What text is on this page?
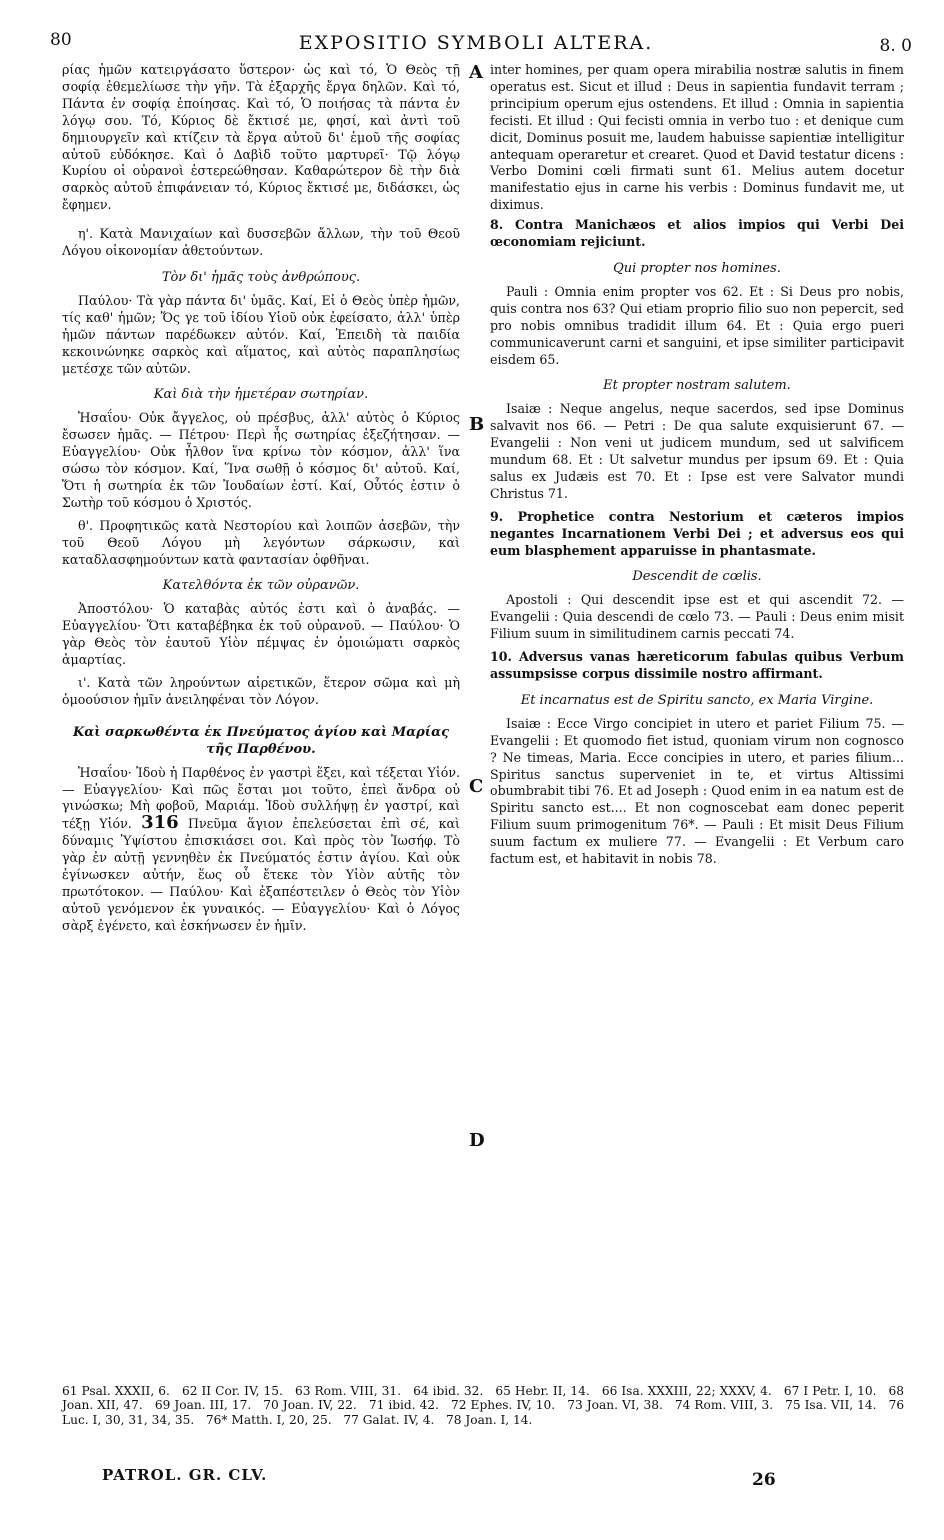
80	EXPOSITIO SYMBOLI ALTERA.	8. 0

ρίας ἡμῶν κατειργάσατο ὕστερον· ὡς καὶ τό, Ὁ Θεὸς τῇ σοφίᾳ ἐθεμελίωσε τὴν γῆν. Τὰ ἐξαρχῆς ἔργα δηλῶν. Καὶ τό, Πάντα ἐν σοφίᾳ ἐποίησας. Καὶ τό, Ὁ ποιήσας τὰ πάντα ἐν λόγῳ σου. Τό, Κύριος δὲ ἔκτισέ με, φησί, καὶ ἀντὶ τοῦ δημιουργεῖν καὶ κτίζειν τὰ ἔργα αὐτοῦ δι' ἐμοῦ τῆς σοφίας αὐτοῦ εὐδόκησε. Καὶ ὁ Δαβὶδ τοῦτο μαρτυρεῖ· Τῷ λόγῳ Κυρίου οἱ οὐρανοὶ ἐστερεώθησαν. Καθαρώτερον δὲ τὴν διὰ σαρκὸς αὐτοῦ ἐπιφάνειαν τό, Κύριος ἔκτισέ με, διδάσκει, ὡς ἔφημεν.

η'. Κατὰ Μανιχαίων καὶ δυσσεβῶν ἄλλων, τὴν τοῦ Θεοῦ Λόγου οἰκονομίαν ἀθετούντων.

Τὸν δι' ἡμᾶς τοὺς ἀνθρώπους.

Παύλου· Τὰ γὰρ πάντα δι' ὑμᾶς. Καί, Εἰ ὁ Θεὸς ὑπὲρ ἡμῶν, τίς καθ' ἡμῶν; Ὅς γε τοῦ ἰδίου Υἱοῦ οὐκ ἐφείσατο, ἀλλ' ὑπὲρ ἡμῶν πάντων παρέδωκεν αὐτόν. Καί, Ἐπειδὴ τὰ παιδία κεκοινώνηκε σαρκὸς καὶ αἵματος, καὶ αὐτὸς παραπλησίως μετέσχε τῶν αὐτῶν.

Καὶ διὰ τὴν ἡμετέραν σωτηρίαν.

Ἡσαΐου· Οὐκ ἄγγελος, οὐ πρέσβυς, ἀλλ' αὐτὸς ὁ Κύριος ἔσωσεν ἡμᾶς. — Πέτρου· Περὶ ἧς σωτηρίας ἐξεζήτησαν. — Εὐαγγελίου· Οὐκ ἦλθον ἵνα κρίνω τὸν κόσμον, ἀλλ' ἵνα σώσω τὸν κόσμον. Καί, Ἵνα σωθῇ ὁ κόσμος δι' αὐτοῦ. Καί, Ὅτι ἡ σωτηρία ἐκ τῶν Ἰουδαίων ἐστί. Καί, Οὗτός ἐστιν ὁ Σωτὴρ τοῦ κόσμου ὁ Χριστός.

θ'. Προφητικῶς κατὰ Νεστορίου καὶ λοιπῶν ἀσεβῶν, τὴν τοῦ Θεοῦ Λόγου μὴ λεγόντων σάρκωσιν, καὶ καταδλασφημούντων κατὰ φαντασίαν ὀφθῆναι.

Κατελθόντα ἐκ τῶν οὐρανῶν.

Ἀποστόλου· Ὁ καταβὰς αὐτός ἐστι καὶ ὁ ἀναβάς. — Εὐαγγελίου· Ὅτι καταβέβηκα ἐκ τοῦ οὐρανοῦ. — Παύλου· Ὁ γὰρ Θεὸς τὸν ἑαυτοῦ Υἱὸν πέμψας ἐν ὁμοιώματι σαρκὸς ἁμαρτίας.

ι'. Κατὰ τῶν ληρούντων αἱρετικῶν, ἕτερον σῶμα καὶ μὴ ὁμοούσιον ἡμῖν ἀνειληφέναι τὸν Λόγον.

Καὶ σαρκωθέντα ἐκ Πνεύματος ἁγίου καὶ Μαρίας τῆς Παρθένου.

Ἡσαΐου· Ἰδοὺ ἡ Παρθένος ἐν γαστρὶ ἕξει, καὶ τέξεται Υἱόν. — Εὐαγγελίου· Καὶ πῶς ἔσται μοι τοῦτο, ἐπεὶ ἄνδρα οὐ γινώσκω; Μὴ φοβοῦ, Μαριάμ. Ἰδοὺ συλλήψῃ ἐν γαστρί, καὶ τέξῃ Υἱόν. 316 Πνεῦμα ἅγιον ἐπελεύσεται ἐπὶ σέ, καὶ δύναμις Ὑψίστου ἐπισκιάσει σοι. Καὶ πρὸς τὸν Ἰωσήφ. Τὸ γὰρ ἐν αὐτῇ γεννηθὲν ἐκ Πνεύματός ἐστιν ἁγίου. Καὶ οὐκ ἐγίνωσκεν αὐτήν, ἕως οὗ ἔτεκε τὸν Υἱὸν αὐτῆς τὸν πρωτότοκον. — Παύλου· Καὶ ἐξαπέστειλεν ὁ Θεὸς τὸν Υἱὸν αὐτοῦ γενόμενον ἐκ γυναικός. — Εὐαγγελίου· Καὶ ὁ Λόγος σὰρξ ἐγένετο, καὶ ἐσκήνωσεν ἐν ἡμῖν.

inter homines, per quam opera mirabilia nostræ salutis in finem operatus est. Sicut et illud : Deus in sapientia fundavit terram ; principium operum ejus ostendens. Et illud : Omnia in sapientia fecisti. Et illud : Qui fecisti omnia in verbo tuo : et denique cum dicit, Dominus posuit me, laudem habuisse sapientiæ intelligitur antequam operaretur et crearet. Quod et David testatur dicens : Verbo Domini cœli firmati sunt 61. Melius autem docetur manifestatio ejus in carne his verbis : Dominus fundavit me, ut diximus.

8. Contra Manichæos et alios impios qui Verbi Dei œconomiam rejiciunt.

Qui propter nos homines.

Pauli : Omnia enim propter vos 62. Et : Si Deus pro nobis, quis contra nos 63? Qui etiam proprio filio suo non pepercit, sed pro nobis omnibus tradidit illum 64. Et : Quia ergo pueri communicaverunt carni et sanguini, et ipse similiter participavit eisdem 65.

Et propter nostram salutem.

Isaiæ : Neque angelus, neque sacerdos, sed ipse Dominus salvavit nos 66. — Petri : De qua salute exquisierunt 67. — Evangelii : Non veni ut judicem mundum, sed ut salvificem mundum 68. Et : Ut salvetur mundus per ipsum 69. Et : Quia salus ex Judæis est 70. Et : Ipse est vere Salvator mundi Christus 71.

9. Prophetice contra Nestorium et cæteros impios negantes Incarnationem Verbi Dei ; et adversus eos qui eum blasphement apparuisse in phantasmate.

Descendit de cœlis.

Apostoli : Qui descendit ipse est et qui ascendit 72. — Evangelii : Quia descendi de cœlo 73. — Pauli : Deus enim misit Filium suum in similitudinem carnis peccati 74.

10. Adversus vanas hæreticorum fabulas quibus Verbum assumpsisse corpus dissimile nostro affirmant.

Et incarnatus est de Spiritu sancto, ex Maria Virgine.

Isaiæ : Ecce Virgo concipiet in utero et pariet Filium 75. — Evangelii : Et quomodo fiet istud, quoniam virum non cognosco ? Ne timeas, Maria. Ecce concipies in utero, et paries filium... Spiritus sanctus superveniet in te, et virtus Altissimi obumbrabit tibi 76. Et ad Joseph : Quod enim in ea natum est de Spiritu sancto est.... Et non cognoscebat eam donec peperit Filium suum primogenitum 76*. — Pauli : Et misit Deus Filium suum factum ex muliere 77. — Evangelii : Et Verbum caro factum est, et habitavit in nobis 78.

A
B
C
D

61 Psal. XXXII, 6. 62 II Cor. IV, 15. 63 Rom. VIII, 31. 64 ibid. 32. 65 Hebr. II, 14. 66 Isa. XXXIII, 22; XXXV, 4. 67 I Petr. I, 10. 68 Joan. XII, 47. 69 Joan. III, 17. 70 Joan. IV, 22. 71 ibid. 42. 72 Ephes. IV, 10. 73 Joan. VI, 38. 74 Rom. VIII, 3. 75 Isa. VII, 14. 76 Luc. I, 30, 31, 34, 35. 76* Matth. I, 20, 25. 77 Galat. IV, 4. 78 Joan. I, 14.

PATROL. GR. CLV.	26
